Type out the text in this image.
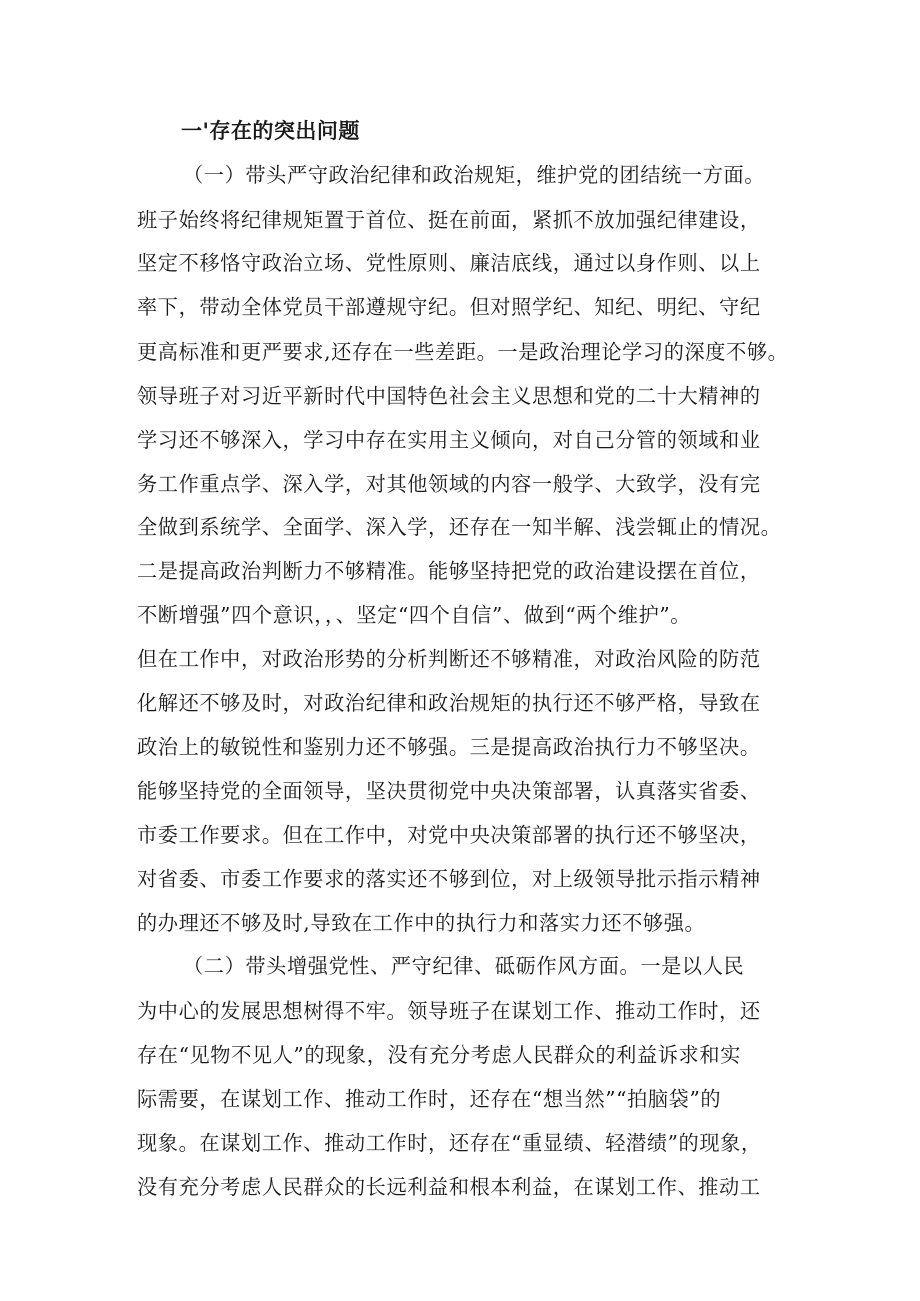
一'存在的突出问题
（一）带头严守政治纪律和政治规矩，维护党的团结统一方面。
班子始终将纪律规矩置于首位、挺在前面，紧抓不放加强纪律建设，
坚定不移恪守政治立场、党性原则、廉洁底线，通过以身作则、以上
率下，带动全体党员干部遵规守纪。但对照学纪、知纪、明纪、守纪
更高标准和更严要求,还存在一些差距。一是政治理论学习的深度不够。
领导班子对习近平新时代中国特色社会主义思想和党的二十大精神的
学习还不够深入，学习中存在实用主义倾向，对自己分管的领域和业
务工作重点学、深入学，对其他领域的内容一般学、大致学，没有完
全做到系统学、全面学、深入学，还存在一知半解、浅尝辄止的情况。
二是提高政治判断力不够精准。能够坚持把党的政治建设摆在首位，
不断增强”四个意识，，、坚定“四个自信”、做到“两个维护”。
但在工作中，对政治形势的分析判断还不够精准，对政治风险的防范
化解还不够及时，对政治纪律和政治规矩的执行还不够严格，导致在
政治上的敏锐性和鉴别力还不够强。三是提高政治执行力不够坚决。
能够坚持党的全面领导，坚决贯彻党中央决策部署，认真落实省委、
市委工作要求。但在工作中，对党中央决策部署的执行还不够坚决，
对省委、市委工作要求的落实还不够到位，对上级领导批示指示精神
的办理还不够及时,导致在工作中的执行力和落实力还不够强。
（二）带头增强党性、严守纪律、砥砺作风方面。一是以人民
为中心的发展思想树得不牢。领导班子在谋划工作、推动工作时，还
存在“见物不见人”的现象，没有充分考虑人民群众的利益诉求和实
际需要，在谋划工作、推动工作时，还存在“想当然”“拍脑袋”的
现象。在谋划工作、推动工作时，还存在“重显绩、轻潜绩”的现象，
没有充分考虑人民群众的长远利益和根本利益，在谋划工作、推动工
